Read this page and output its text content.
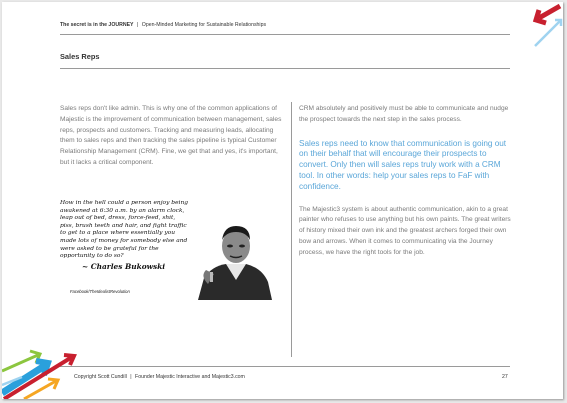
The secret is in the JOURNEY | Open-Minded Marketing for Sustainable Relationships
Sales Reps

Sales reps don't like admin. This is why one of the common applications of Majestic is the improvement of communication between management, sales reps, prospects and customers. Tracking and measuring leads, allocating them to sales reps and then tracking the sales pipeline is typical Customer Relationship Management (CRM). Fine, we get that and yes, it's important, but it lacks a critical component.

How in the hell could a person enjoy being awakened at 6:30 a.m. by an alarm clock, leap out of bed, dress, force-feed, shit, piss, brush teeth and hair, and fight traffic to get to a place where essentially you made lots of money for somebody else and were asked to be grateful for the opportunity to do so?
~ Charles Bukowski
Facebook/TheIdealistRevolution

CRM absolutely and positively must be able to communicate and nudge the prospect towards the next step in the sales process.

Sales reps need to know that communication is going out on their behalf that will encourage their prospects to convert. Only then will sales reps truly work with a CRM tool. In other words: help your sales reps to FaF with confidence.

The Majestic3 system is about authentic communication, akin to a great painter who refuses to use anything but his own paints. The great writers of history mixed their own ink and the greatest archers forged their own bow and arrows. When it comes to communicating via the Journey process, we have the right tools for the job.

Copyright Scott Cundill | Founder Majestic Interactive and Majestic3.com	27
